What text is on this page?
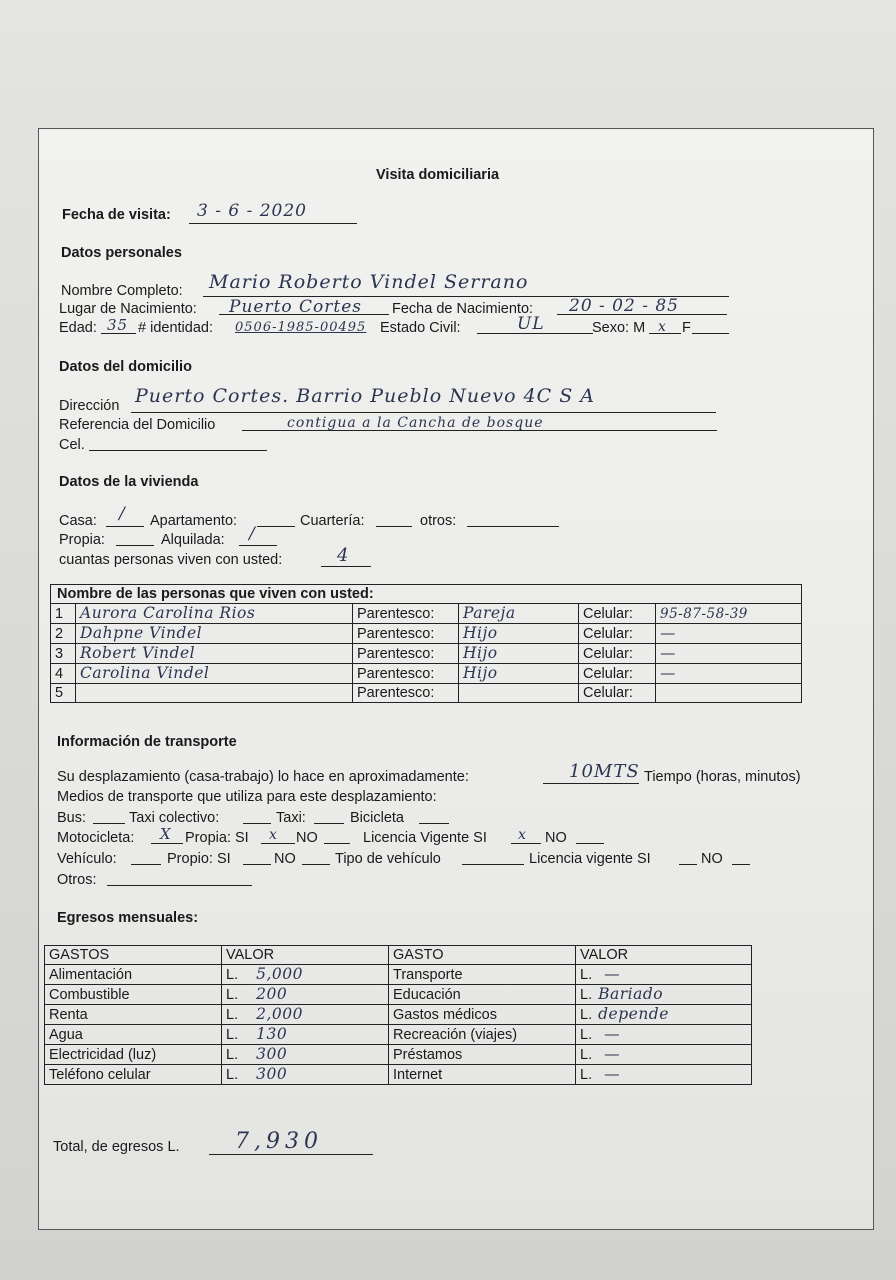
Visita domiciliaria
Fecha de visita: 3 - 6 - 2020
Datos personales
Nombre Completo: Mario Roberto Vindel Serrano
Lugar de Nacimiento: Puerto Cortes Fecha de Nacimiento: 20 - 02 - 85
Edad: 35 # identidad: 0506-1985-00495 Estado Civil:	UL	Sexo: M x F
Datos del domicilio
Dirección Puerto Cortes. Barrio Pueblo Nuevo 4C S A
Referencia del Domicilio	contigua a la Cancha de bosque
Cel.
Datos de la vivienda
Casa: / Apartamento:	Cuartería:	otros:
Propia:	Alquilada: /
cuantas personas viven con usted:	4
Nombre de las personas que viven con usted:					
1	Aurora Carolina Rios	Parentesco:	Pareja	Celular:	95-87-58-39
2	Dahpne Vindel	Parentesco:	Hijo	Celular:	—
3	Robert Vindel	Parentesco:	Hijo	Celular:	—
4	Carolina Vindel	Parentesco:	Hijo	Celular:	—
5		Parentesco:		Celular:	
Información de transporte
Su desplazamiento (casa-trabajo) lo hace en aproximadamente:	10MTS Tiempo (horas, minutos)
Medios de transporte que utiliza para este desplazamiento:
Bus:	Taxi colectivo:	Taxi:	Bicicleta
Motocicleta: X Propia: SI x NO	Licencia Vigente SI x NO
Vehículo:	Propio: SI	NO	Tipo de vehículo	Licencia vigente SI	NO
Otros:
Egresos mensuales:
GASTOS	VALOR	GASTO	VALOR
Alimentación	L. 5,000	Transporte	L. —
Combustible	L. 200	Educación	L. Bariado
Renta	L. 2,000	Gastos médicos	L. depende
Agua	L. 130	Recreación (viajes)	L. —
Electricidad (luz)	L. 300	Préstamos	L. —
Teléfono celular	L. 300	Internet	L. —
Total, de egresos L.	7,930
